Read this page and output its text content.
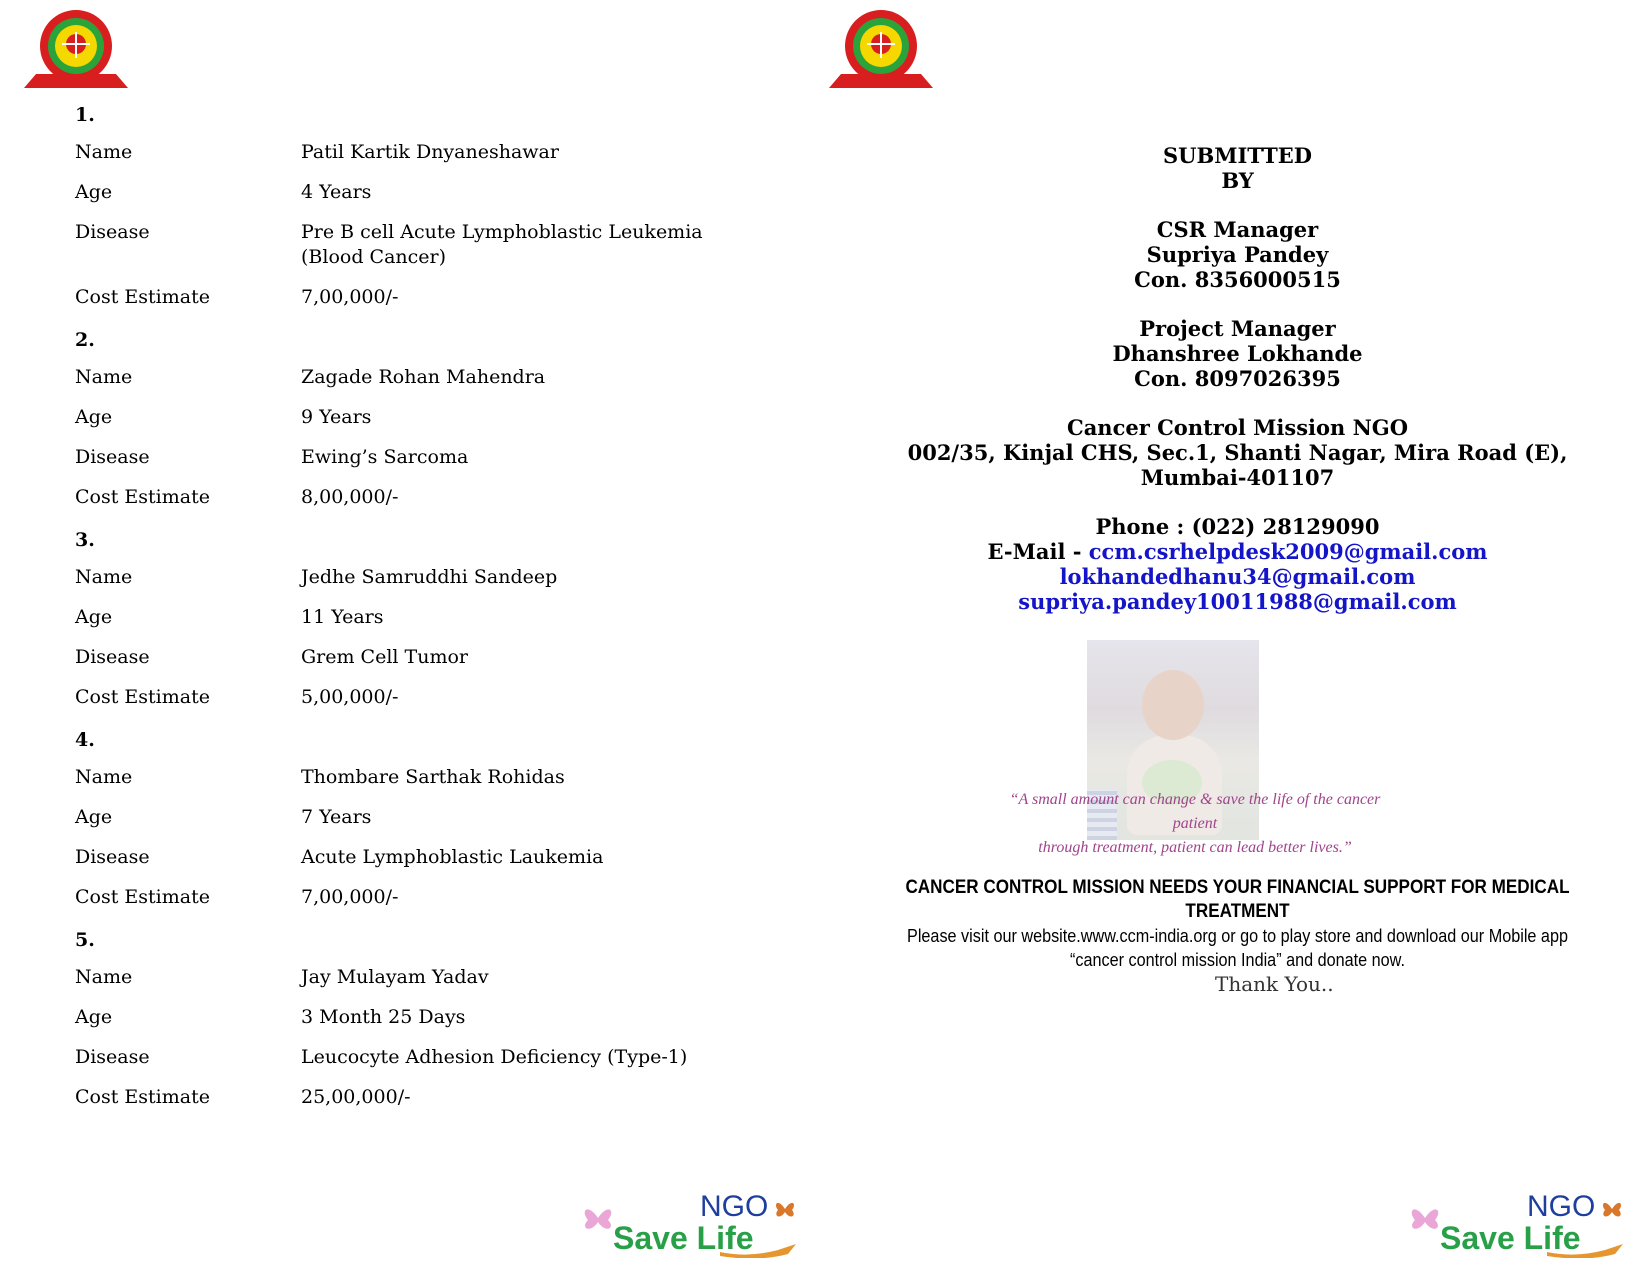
1.
Name	Patil Kartik Dnyaneshawar
Age	4 Years
Disease	Pre B cell Acute Lymphoblastic Leukemia (Blood Cancer)
Cost Estimate	7,00,000/-
2.
Name	Zagade Rohan Mahendra
Age	9 Years
Disease	Ewing’s Sarcoma
Cost Estimate	8,00,000/-
3.
Name	Jedhe Samruddhi Sandeep
Age	11 Years
Disease	Grem Cell Tumor
Cost Estimate	5,00,000/-
4.
Name	Thombare Sarthak Rohidas
Age	7 Years
Disease	Acute Lymphoblastic Laukemia
Cost Estimate	7,00,000/-
5.
Name	Jay Mulayam Yadav
Age	3 Month 25 Days
Disease	Leucocyte Adhesion Deficiency (Type-1)
Cost Estimate	25,00,000/-
NGO
Save Life
SUBMITTED
BY
CSR Manager
Supriya Pandey
Con. 8356000515
Project Manager
Dhanshree Lokhande
Con. 8097026395
Cancer Control Mission NGO
002/35, Kinjal CHS, Sec.1, Shanti Nagar, Mira Road (E),
Mumbai-401107
Phone : (022) 28129090
E-Mail - ccm.csrhelpdesk2009@gmail.com
lokhandedhanu34@gmail.com
supriya.pandey10011988@gmail.com
“A small amount can change & save the life of the cancer patient
through treatment, patient can lead better lives.”
CANCER CONTROL MISSION NEEDS YOUR FINANCIAL SUPPORT FOR MEDICAL TREATMENT
Please visit our website.www.ccm-india.org or go to play store and download our Mobile app
“cancer control mission India” and donate now.
Thank You..
NGO
Save Life
